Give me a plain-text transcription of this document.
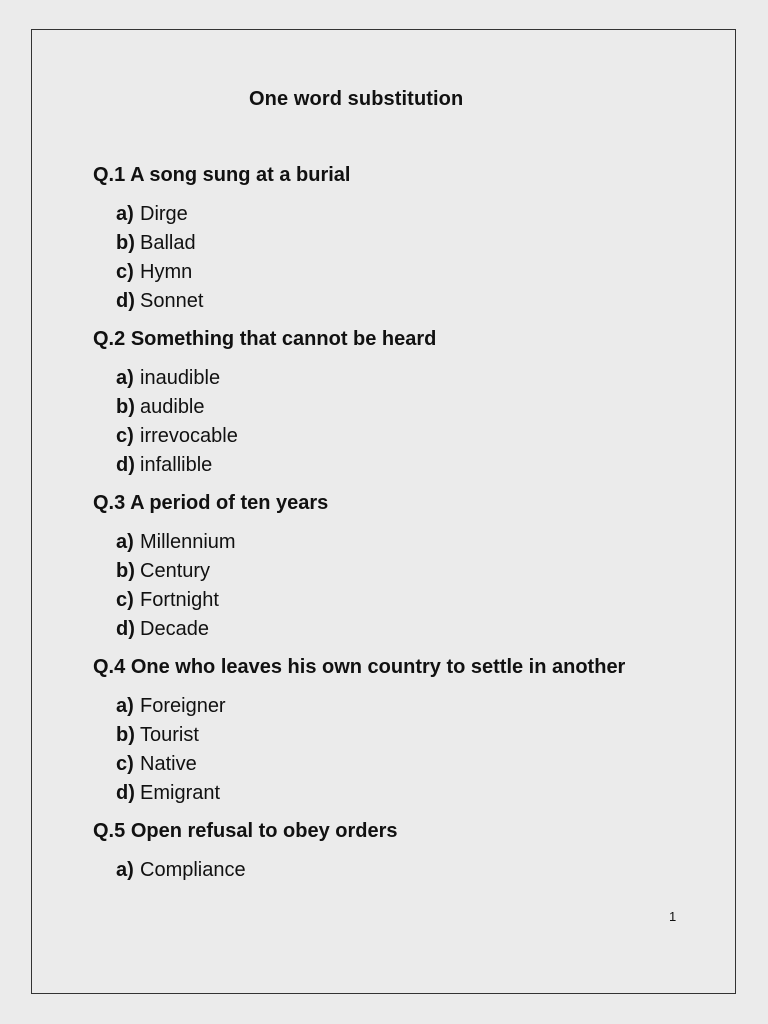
One word substitution
Q.1 A song sung at a burial
a) Dirge
b) Ballad
c) Hymn
d) Sonnet
Q.2 Something that cannot be heard
a) inaudible
b) audible
c) irrevocable
d) infallible
Q.3 A period of ten years
a) Millennium
b) Century
c) Fortnight
d) Decade
Q.4 One who leaves his own country to settle in another
a) Foreigner
b) Tourist
c) Native
d) Emigrant
Q.5 Open refusal to obey orders
a) Compliance
1
